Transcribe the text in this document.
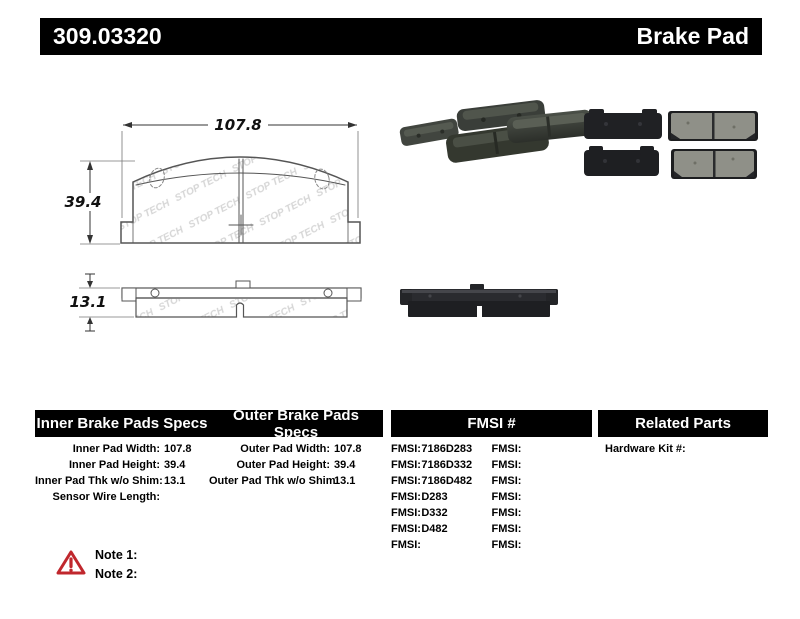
309.03320	Brake Pad
107.8
39.4
13.1
Inner Brake Pads Specs	Outer Brake Pads Specs	FMSI #	Related Parts
Inner Pad Width: 107.8
Inner Pad Height: 39.4
Inner Pad Thk w/o Shim: 13.1
Sensor Wire Length:
Outer Pad Width: 107.8
Outer Pad Height: 39.4
Outer Pad Thk w/o Shim:
13.1
FMSI: 7186D283	FMSI:
FMSI: 7186D332	FMSI:
FMSI: 7186D482	FMSI:
FMSI: D283	FMSI:
FMSI: D332	FMSI:
FMSI: D482	FMSI:
FMSI:	FMSI:
Hardware Kit #:
Note 1:
Note 2:
